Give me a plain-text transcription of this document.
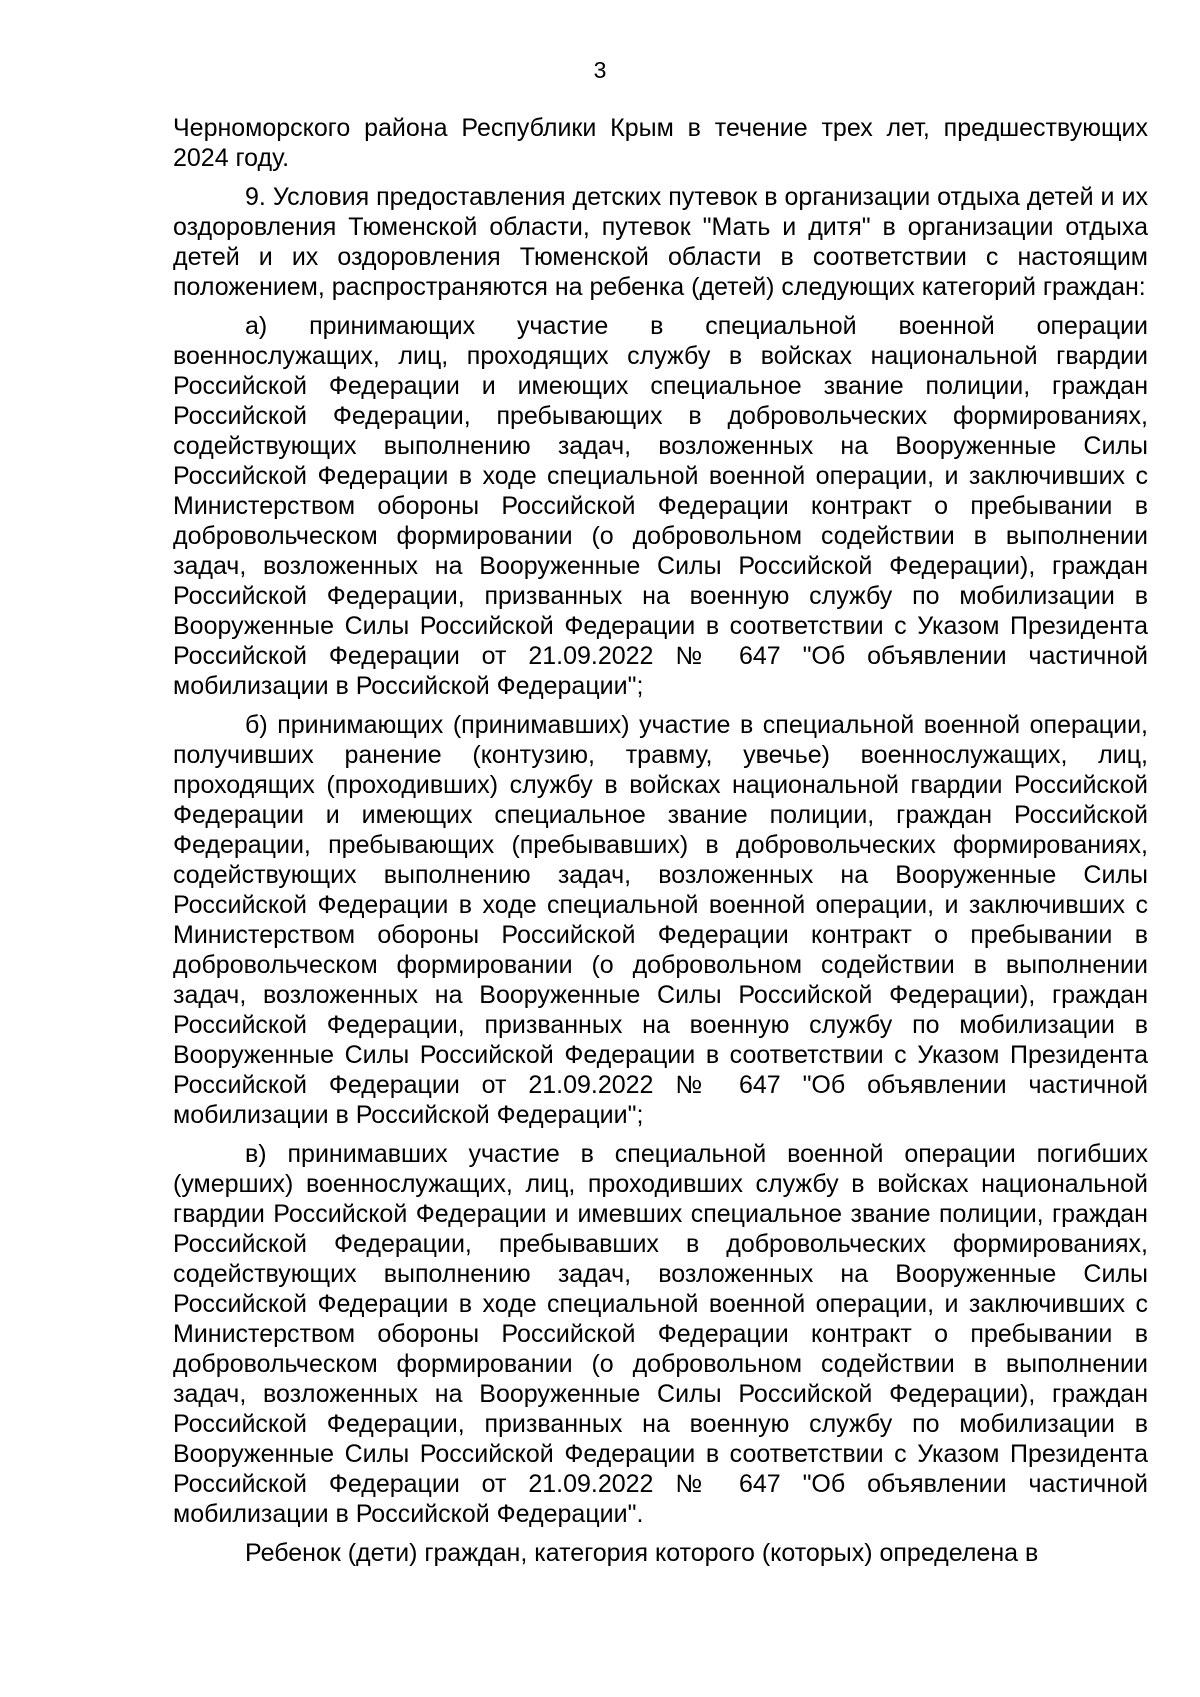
3

Черноморского района Республики Крым в течение трех лет, предшествующих 2024 году.

9. Условия предоставления детских путевок в организации отдыха детей и их оздоровления Тюменской области, путевок "Мать и дитя" в организации отдыха детей и их оздоровления Тюменской области в соответствии с настоящим положением, распространяются на ребенка (детей) следующих категорий граждан:

а) принимающих участие в специальной военной операции военнослужащих, лиц, проходящих службу в войсках национальной гвардии Российской Федерации и имеющих специальное звание полиции, граждан Российской Федерации, пребывающих в добровольческих формированиях, содействующих выполнению задач, возложенных на Вооруженные Силы Российской Федерации в ходе специальной военной операции, и заключивших с Министерством обороны Российской Федерации контракт о пребывании в добровольческом формировании (о добровольном содействии в выполнении задач, возложенных на Вооруженные Силы Российской Федерации), граждан Российской Федерации, призванных на военную службу по мобилизации в Вооруженные Силы Российской Федерации в соответствии с Указом Президента Российской Федерации от 21.09.2022 № 647 "Об объявлении частичной мобилизации в Российской Федерации";

б) принимающих (принимавших) участие в специальной военной операции, получивших ранение (контузию, травму, увечье) военнослужащих, лиц, проходящих (проходивших) службу в войсках национальной гвардии Российской Федерации и имеющих специальное звание полиции, граждан Российской Федерации, пребывающих (пребывавших) в добровольческих формированиях, содействующих выполнению задач, возложенных на Вооруженные Силы Российской Федерации в ходе специальной военной операции, и заключивших с Министерством обороны Российской Федерации контракт о пребывании в добровольческом формировании (о добровольном содействии в выполнении задач, возложенных на Вооруженные Силы Российской Федерации), граждан Российской Федерации, призванных на военную службу по мобилизации в Вооруженные Силы Российской Федерации в соответствии с Указом Президента Российской Федерации от 21.09.2022 № 647 "Об объявлении частичной мобилизации в Российской Федерации";

в) принимавших участие в специальной военной операции погибших (умерших) военнослужащих, лиц, проходивших службу в войсках национальной гвардии Российской Федерации и имевших специальное звание полиции, граждан Российской Федерации, пребывавших в добровольческих формированиях, содействующих выполнению задач, возложенных на Вооруженные Силы Российской Федерации в ходе специальной военной операции, и заключивших с Министерством обороны Российской Федерации контракт о пребывании в добровольческом формировании (о добровольном содействии в выполнении задач, возложенных на Вооруженные Силы Российской Федерации), граждан Российской Федерации, призванных на военную службу по мобилизации в Вооруженные Силы Российской Федерации в соответствии с Указом Президента Российской Федерации от 21.09.2022 № 647 "Об объявлении частичной мобилизации в Российской Федерации".

Ребенок (дети) граждан, категория которого (которых) определена в
